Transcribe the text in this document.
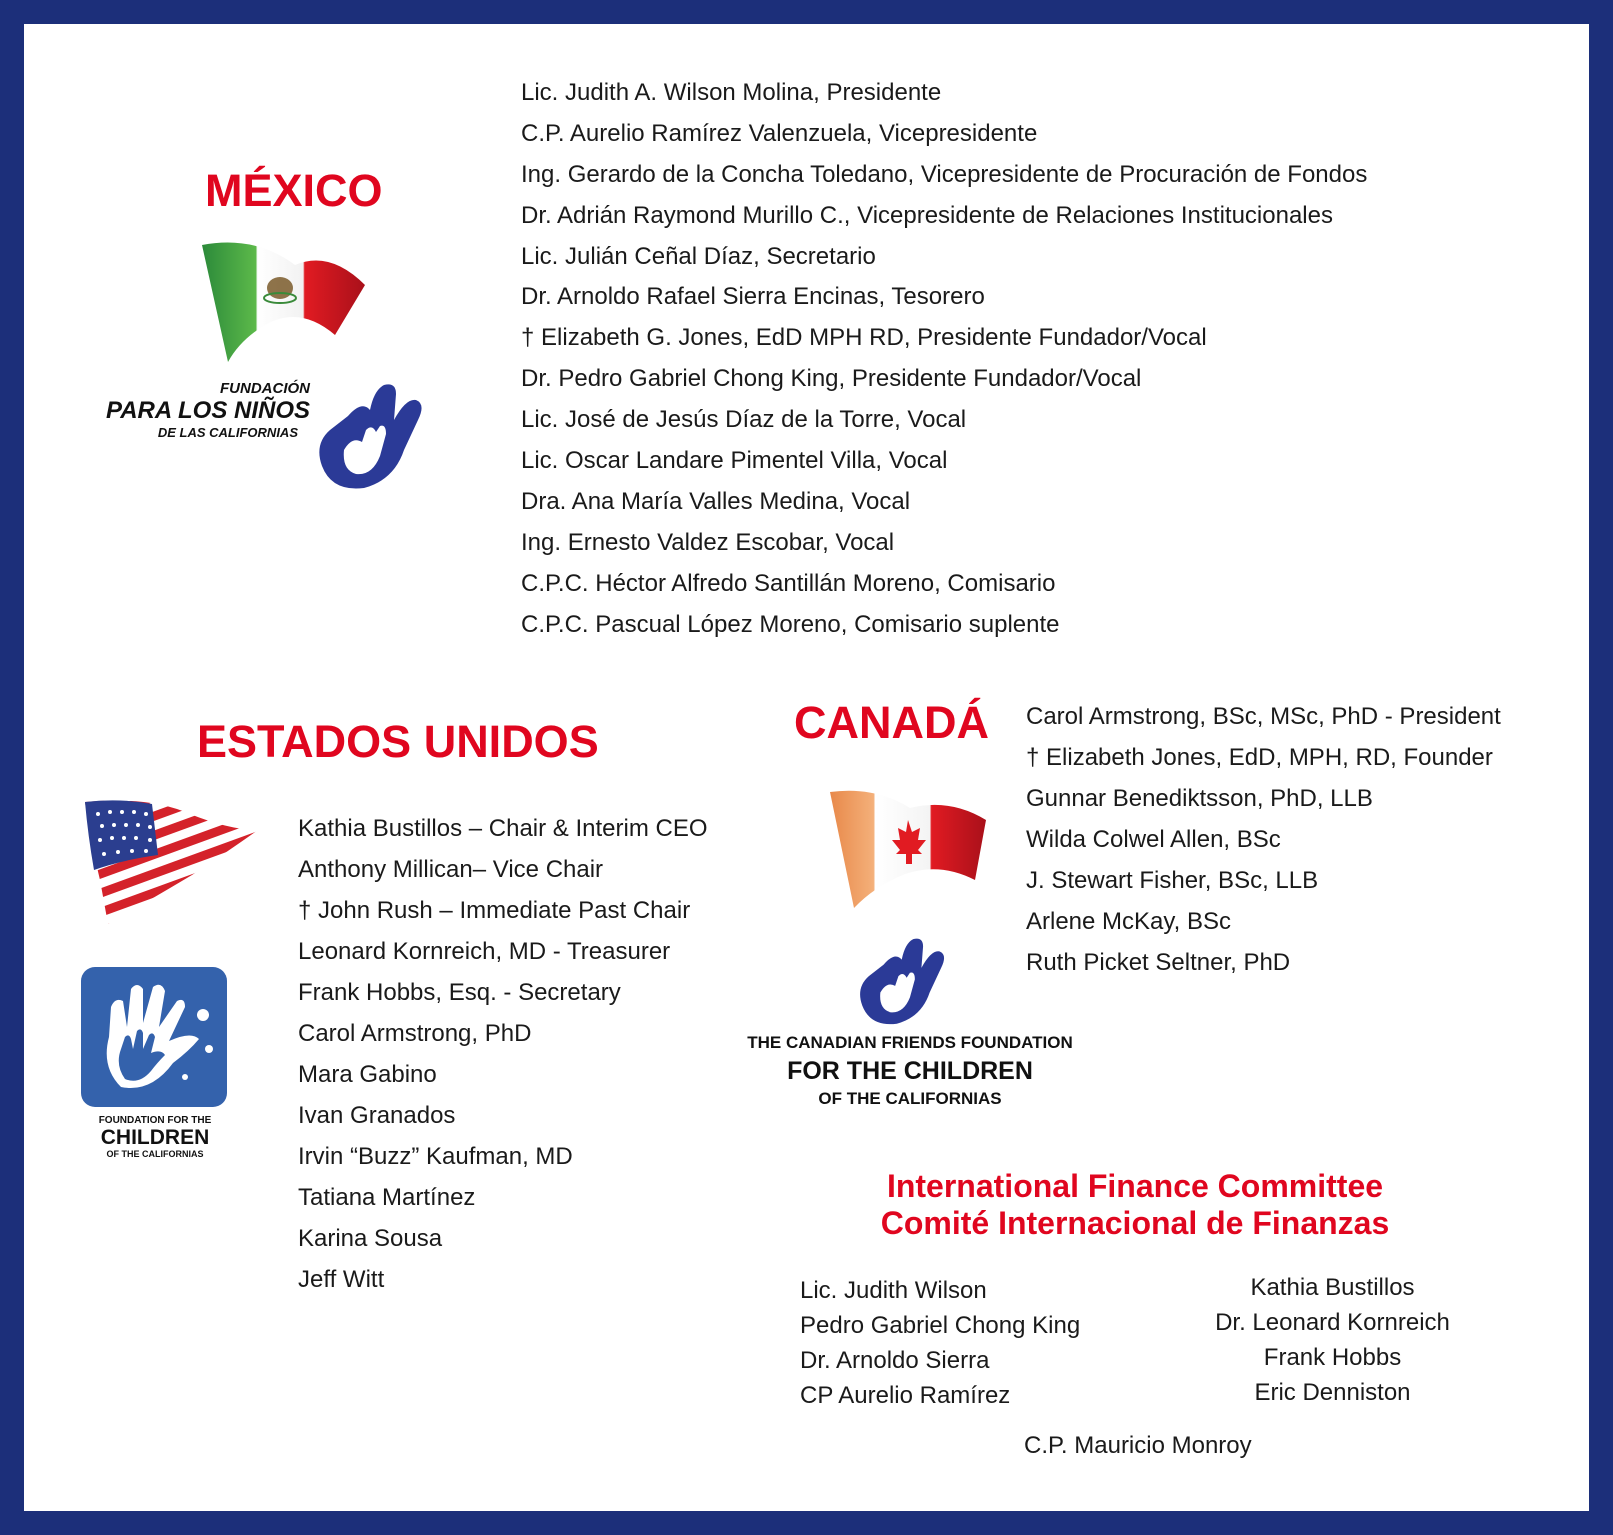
MÉXICO
FUNDACIÓN
PARA LOS NIÑOS
DE LAS CALIFORNIAS
Lic. Judith A. Wilson Molina, Presidente
C.P. Aurelio Ramírez Valenzuela, Vicepresidente
Ing. Gerardo de la Concha Toledano, Vicepresidente de Procuración de Fondos
Dr. Adrián Raymond Murillo C., Vicepresidente de Relaciones Institucionales
Lic. Julián Ceñal Díaz, Secretario
Dr. Arnoldo Rafael Sierra Encinas, Tesorero
† Elizabeth G. Jones, EdD MPH RD, Presidente Fundador/Vocal
Dr. Pedro Gabriel Chong King, Presidente Fundador/Vocal
Lic. José de Jesús Díaz de la Torre, Vocal
Lic. Oscar Landare Pimentel Villa, Vocal
Dra. Ana María Valles Medina, Vocal
Ing. Ernesto Valdez Escobar, Vocal
C.P.C. Héctor Alfredo Santillán Moreno, Comisario
C.P.C. Pascual López Moreno, Comisario suplente
ESTADOS UNIDOS
FOUNDATION FOR THE
CHILDREN
OF THE CALIFORNIAS
Kathia Bustillos – Chair & Interim CEO
Anthony Millican– Vice Chair
† John Rush – Immediate Past Chair
Leonard Kornreich, MD - Treasurer
Frank Hobbs, Esq. - Secretary
Carol Armstrong, PhD
Mara Gabino
Ivan Granados
Irvin “Buzz” Kaufman, MD
Tatiana Martínez
Karina Sousa
Jeff Witt
CANADÁ
THE CANADIAN FRIENDS FOUNDATION
FOR THE CHILDREN
OF THE CALIFORNIAS
Carol Armstrong, BSc, MSc, PhD - President
† Elizabeth Jones, EdD, MPH, RD, Founder
Gunnar Benediktsson, PhD, LLB
Wilda Colwel Allen, BSc
J. Stewart Fisher, BSc, LLB
Arlene McKay, BSc
Ruth Picket Seltner, PhD
International Finance Committee
Comité Internacional de Finanzas
Lic. Judith Wilson
Pedro Gabriel Chong King
Dr. Arnoldo Sierra
CP Aurelio Ramírez
Kathia Bustillos
Dr. Leonard Kornreich
Frank Hobbs
Eric Denniston
C.P. Mauricio Monroy
